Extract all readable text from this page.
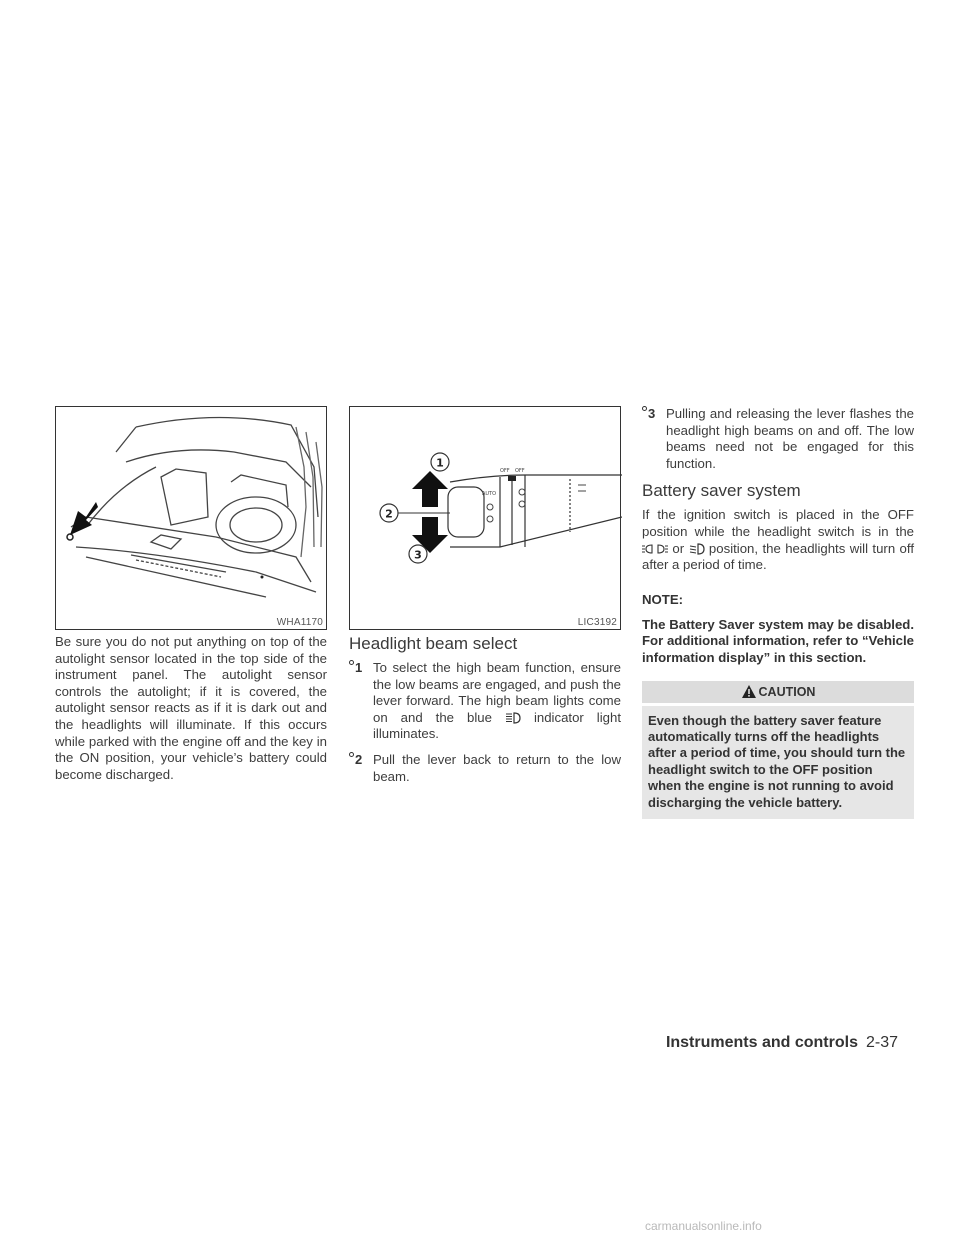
WHA1170

Be sure you do not put anything on top of the autolight sensor located in the top side of the instrument panel. The autolight sensor controls the autolight; if it is covered, the autolight sensor reacts as if it is dark out and the headlights will illuminate. If this occurs while parked with the engine off and the key in the ON position, your vehicle’s battery could become discharged.

OFF OFF
AUTO
1
2
3
LIC3192
Headlight beam select
1 To select the high beam function, ensure the low beams are engaged, and push the lever forward. The high beam lights come on and the blue  indicator light illuminates.

2 Pull the lever back to return to the low beam.

3 Pulling and releasing the lever flashes the headlight high beams on and off. The low beams need not be engaged for this function.

Battery saver system

If the ignition switch is placed in the OFF position while the headlight switch is in the  or  position, the headlights will turn off after a period of time.

NOTE:

The Battery Saver system may be disabled. For additional information, refer to “Vehicle information display” in this section.

CAUTION
Even though the battery saver feature automatically turns off the headlights after a period of time, you should turn the headlight switch to the OFF position when the engine is not running to avoid discharging the vehicle battery.
Instruments and controls 2-37
carmanualsonline.info
